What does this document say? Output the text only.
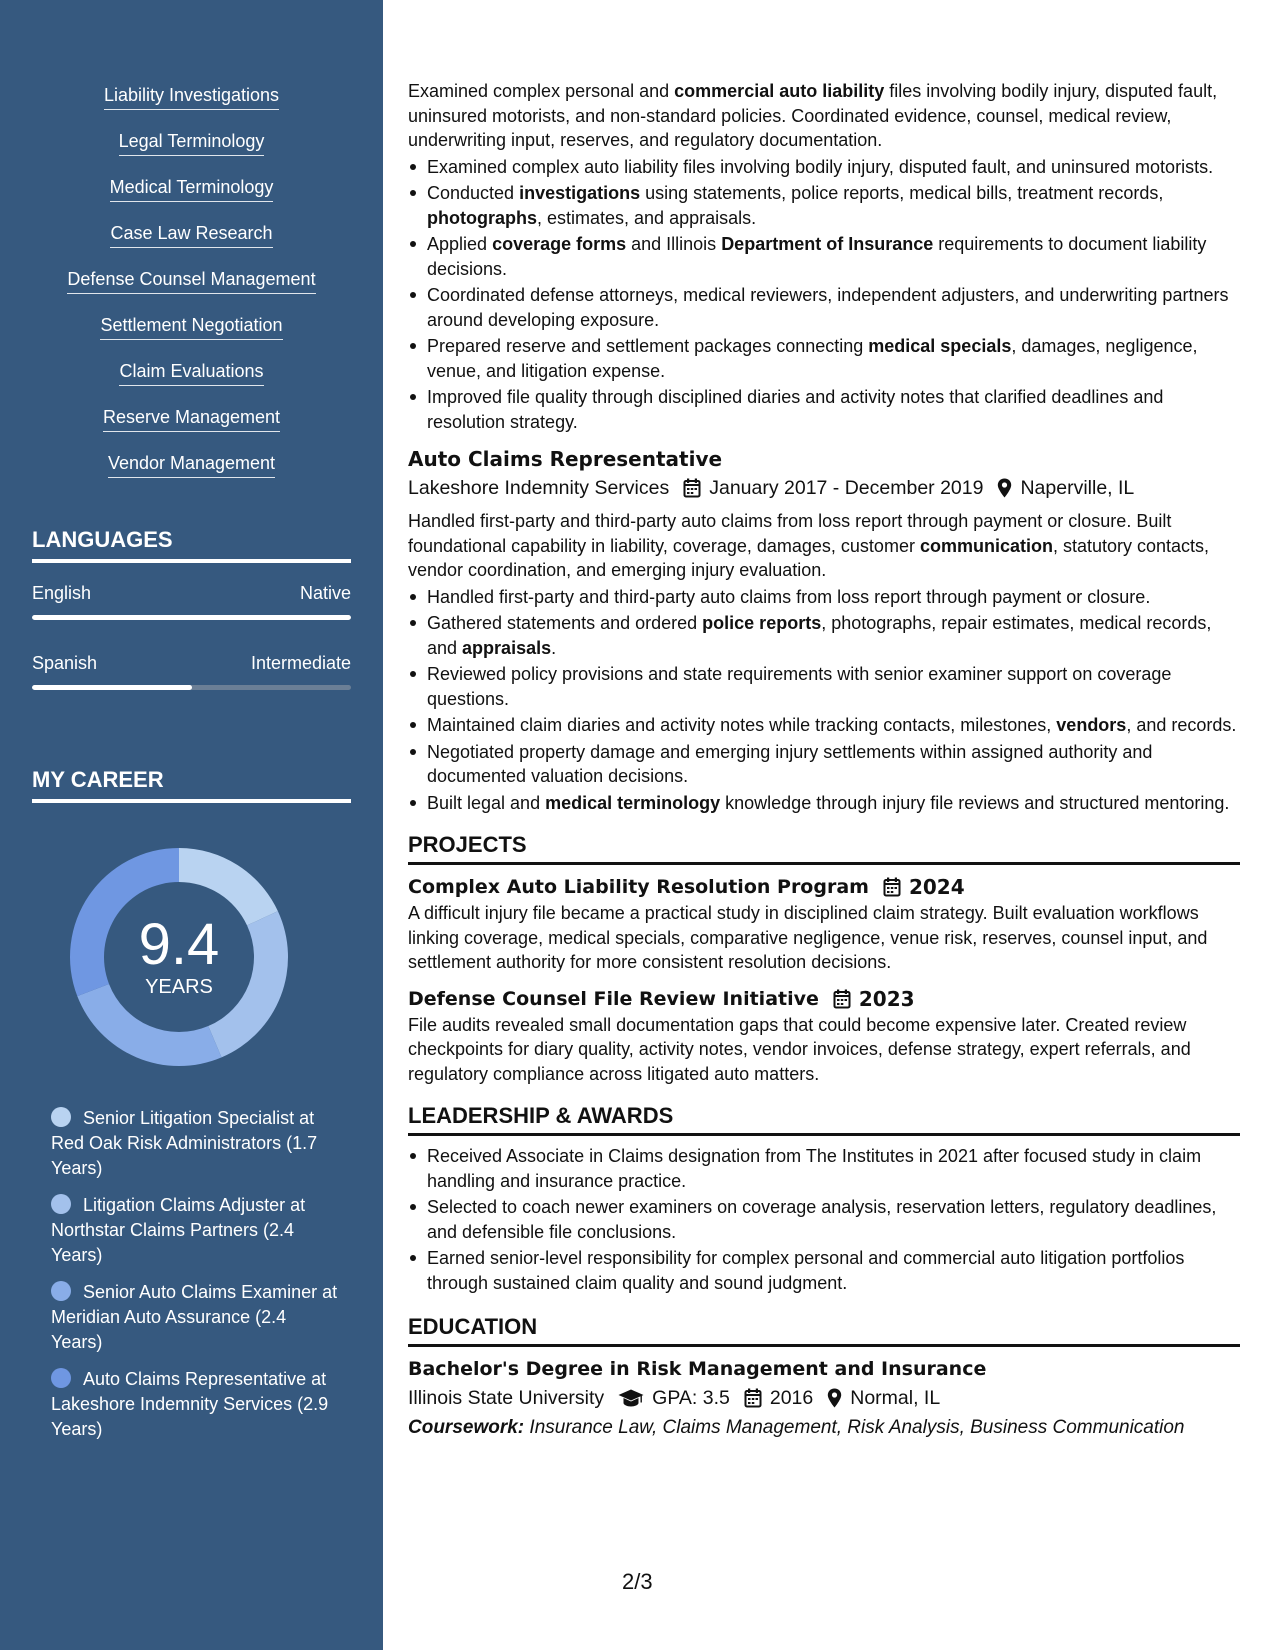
Liability Investigations
Legal Terminology
Medical Terminology
Case Law Research
Defense Counsel Management
Settlement Negotiation
Claim Evaluations
Reserve Management
Vendor Management
LANGUAGES
English	Native
Spanish	Intermediate
MY CAREER
9.4
YEARS
Senior Litigation Specialist at Red Oak Risk Administrators (1.7 Years)
Litigation Claims Adjuster at Northstar Claims Partners (2.4 Years)
Senior Auto Claims Examiner at Meridian Auto Assurance (2.4 Years)
Auto Claims Representative at Lakeshore Indemnity Services (2.9 Years)
Examined complex personal and commercial auto liability files involving bodily injury, disputed fault, uninsured motorists, and non-standard policies. Coordinated evidence, counsel, medical review, underwriting input, reserves, and regulatory documentation.
Examined complex auto liability files involving bodily injury, disputed fault, and uninsured motorists.
Conducted investigations using statements, police reports, medical bills, treatment records, photographs, estimates, and appraisals.
Applied coverage forms and Illinois Department of Insurance requirements to document liability decisions.
Coordinated defense attorneys, medical reviewers, independent adjusters, and underwriting partners around developing exposure.
Prepared reserve and settlement packages connecting medical specials, damages, negligence, venue, and litigation expense.
Improved file quality through disciplined diaries and activity notes that clarified deadlines and resolution strategy.
Auto Claims Representative
Lakeshore Indemnity Services January 2017 - December 2019 Naperville, IL
Handled first-party and third-party auto claims from loss report through payment or closure. Built foundational capability in liability, coverage, damages, customer communication, statutory contacts, vendor coordination, and emerging injury evaluation.
Handled first-party and third-party auto claims from loss report through payment or closure.
Gathered statements and ordered police reports, photographs, repair estimates, medical records, and appraisals.
Reviewed policy provisions and state requirements with senior examiner support on coverage questions.
Maintained claim diaries and activity notes while tracking contacts, milestones, vendors, and records.
Negotiated property damage and emerging injury settlements within assigned authority and documented valuation decisions.
Built legal and medical terminology knowledge through injury file reviews and structured mentoring.
PROJECTS
Complex Auto Liability Resolution Program 2024
A difficult injury file became a practical study in disciplined claim strategy. Built evaluation workflows linking coverage, medical specials, comparative negligence, venue risk, reserves, counsel input, and settlement authority for more consistent resolution decisions.
Defense Counsel File Review Initiative 2023
File audits revealed small documentation gaps that could become expensive later. Created review checkpoints for diary quality, activity notes, vendor invoices, defense strategy, expert referrals, and regulatory compliance across litigated auto matters.
LEADERSHIP & AWARDS
Received Associate in Claims designation from The Institutes in 2021 after focused study in claim handling and insurance practice.
Selected to coach newer examiners on coverage analysis, reservation letters, regulatory deadlines, and defensible file conclusions.
Earned senior-level responsibility for complex personal and commercial auto litigation portfolios through sustained claim quality and sound judgment.
EDUCATION
Bachelor's Degree in Risk Management and Insurance
Illinois State University GPA: 3.5 2016 Normal, IL
Coursework: Insurance Law, Claims Management, Risk Analysis, Business Communication
2/3
